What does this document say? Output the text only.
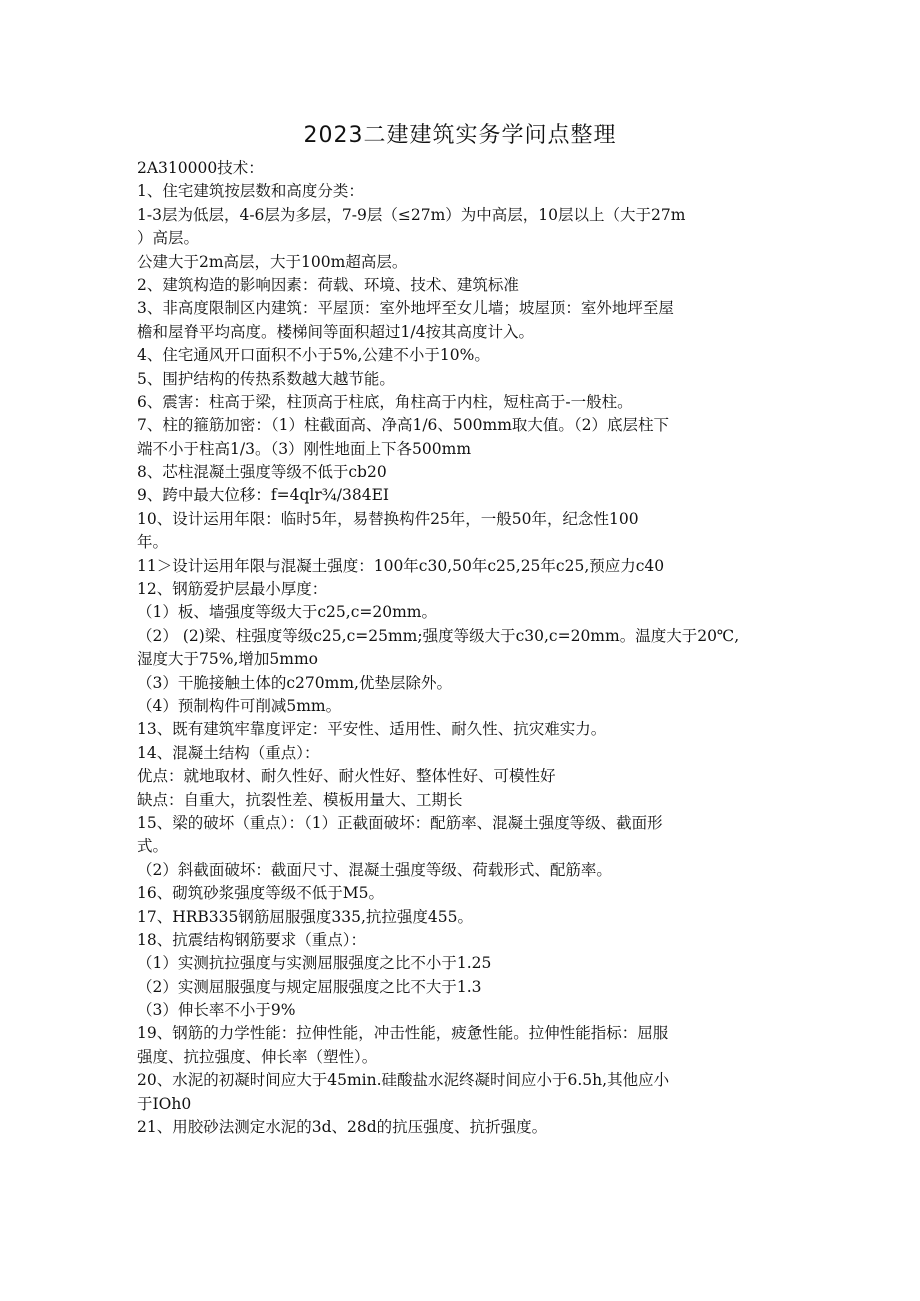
2023二建建筑实务学问点整理
2A310000技术：
1、住宅建筑按层数和高度分类：
1-3层为低层，4-6层为多层，7-9层（≤27m）为中高层，10层以上（大于27m
）高层。
公建大于2m高层，大于100m超高层。
2、建筑构造的影响因素：荷载、环境、技术、建筑标准
3、非高度限制区内建筑：平屋顶：室外地坪至女儿墙；坡屋顶：室外地坪至屋
檐和屋脊平均高度。楼梯间等面积超过1/4按其高度计入。
4、住宅通风开口面积不小于5%,公建不小于10%。
5、围护结构的传热系数越大越节能。
6、震害：柱高于梁，柱顶高于柱底，角柱高于内柱，短柱高于-一般柱。
7、柱的箍筋加密：（1）柱截面高、净高1/6、500mm取大值。（2）底层柱下
端不小于柱高1/3。（3）刚性地面上下各500mm
8、芯柱混凝土强度等级不低于cb20
9、跨中最大位移：f=4qlr¾/384EI
10、设计运用年限：临时5年，易替换构件25年，一般50年，纪念性100
年。
11＞设计运用年限与混凝土强度：100年c30,50年c25,25年c25,预应力c40
12、钢筋爱护层最小厚度：
（1）板、墙强度等级大于c25,c=20mm。
（2） (2)梁、柱强度等级c25,c=25mm;强度等级大于c30,c=20mm。温度大于20℃,
湿度大于75%,增加5mmo
（3）干脆接触土体的c270mm,优垫层除外。
（4）预制构件可削减5mm。
13、既有建筑牢靠度评定：平安性、适用性、耐久性、抗灾难实力。
14、混凝土结构（重点）：
优点：就地取材、耐久性好、耐火性好、整体性好、可模性好
缺点：自重大，抗裂性差、模板用量大、工期长
15、梁的破坏（重点）：（1）正截面破坏：配筋率、混凝土强度等级、截面形
式。
（2）斜截面破坏：截面尺寸、混凝土强度等级、荷载形式、配筋率。
16、砌筑砂浆强度等级不低于M5。
17、HRB335钢筋屈服强度335,抗拉强度455。
18、抗震结构钢筋要求（重点）：
（1）实测抗拉强度与实测屈服强度之比不小于1.25
（2）实测屈服强度与规定屈服强度之比不大于1.3
（3）伸长率不小于9%
19、钢筋的力学性能：拉伸性能，冲击性能，疲惫性能。拉伸性能指标：屈服
强度、抗拉强度、伸长率（塑性）。
20、水泥的初凝时间应大于45min.硅酸盐水泥终凝时间应小于6.5h,其他应小
于IOh0
21、用胶砂法测定水泥的3d、28d的抗压强度、抗折强度。
